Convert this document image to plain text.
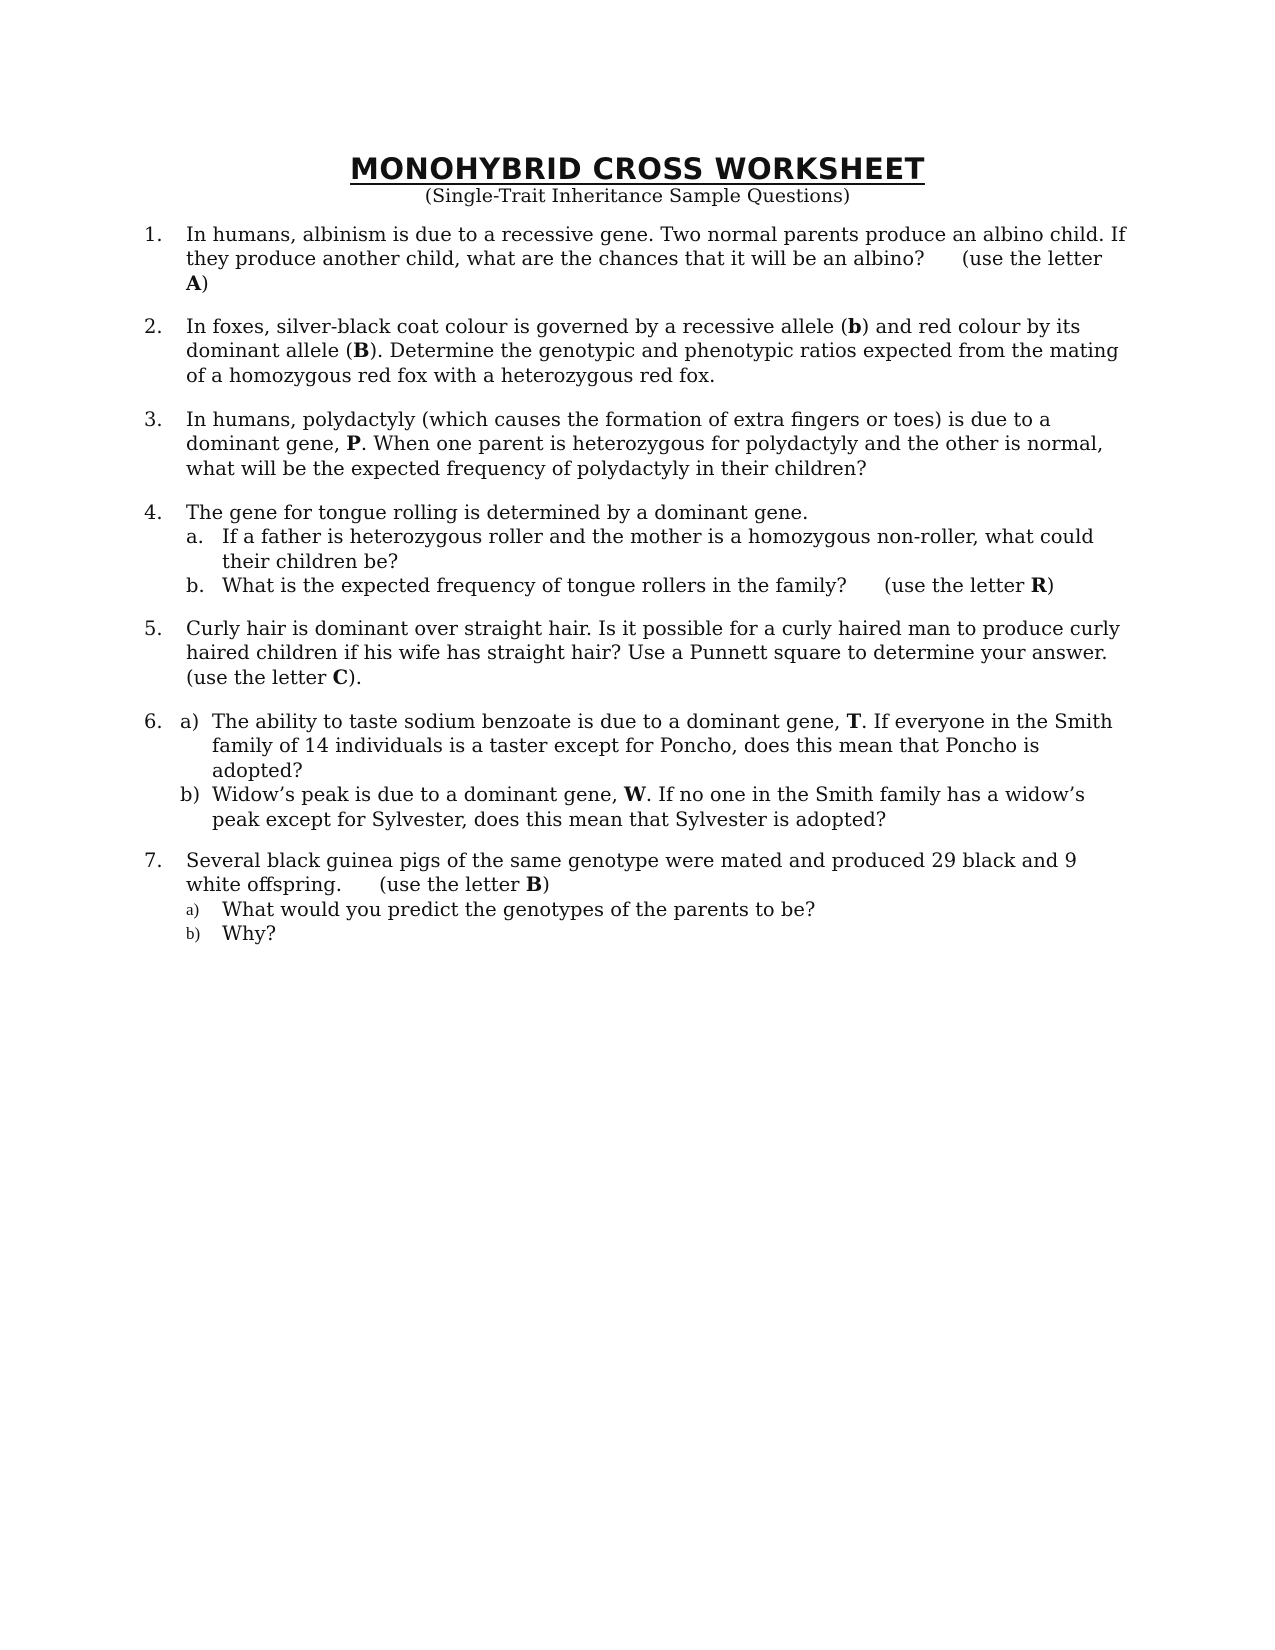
MONOHYBRID CROSS WORKSHEET
(Single-Trait Inheritance Sample Questions)
1.	In humans, albinism is due to a recessive gene. Two normal parents produce an albino child. If they produce another child, what are the chances that it will be an albino?      (use the letter A)
2.	In foxes, silver-black coat colour is governed by a recessive allele (b) and red colour by its dominant allele (B). Determine the genotypic and phenotypic ratios expected from the mating of a homozygous red fox with a heterozygous red fox.
3.	In humans, polydactyly (which causes the formation of extra fingers or toes) is due to a dominant gene, P. When one parent is heterozygous for polydactyly and the other is normal, what will be the expected frequency of polydactyly in their children?
4.	The gene for tongue rolling is determined by a dominant gene.
a. If a father is heterozygous roller and the mother is a homozygous non-roller, what could their children be?
b. What is the expected frequency of tongue rollers in the family?      (use the letter R)
5.	Curly hair is dominant over straight hair. Is it possible for a curly haired man to produce curly haired children if his wife has straight hair? Use a Punnett square to determine your answer. (use the letter C).
6. a) The ability to taste sodium benzoate is due to a dominant gene, T. If everyone in the Smith family of 14 individuals is a taster except for Poncho, does this mean that Poncho is adopted?
b) Widow’s peak is due to a dominant gene, W. If no one in the Smith family has a widow’s peak except for Sylvester, does this mean that Sylvester is adopted?
7.	Several black guinea pigs of the same genotype were mated and produced 29 black and 9 white offspring.      (use the letter B)
a) What would you predict the genotypes of the parents to be?
b) Why?
